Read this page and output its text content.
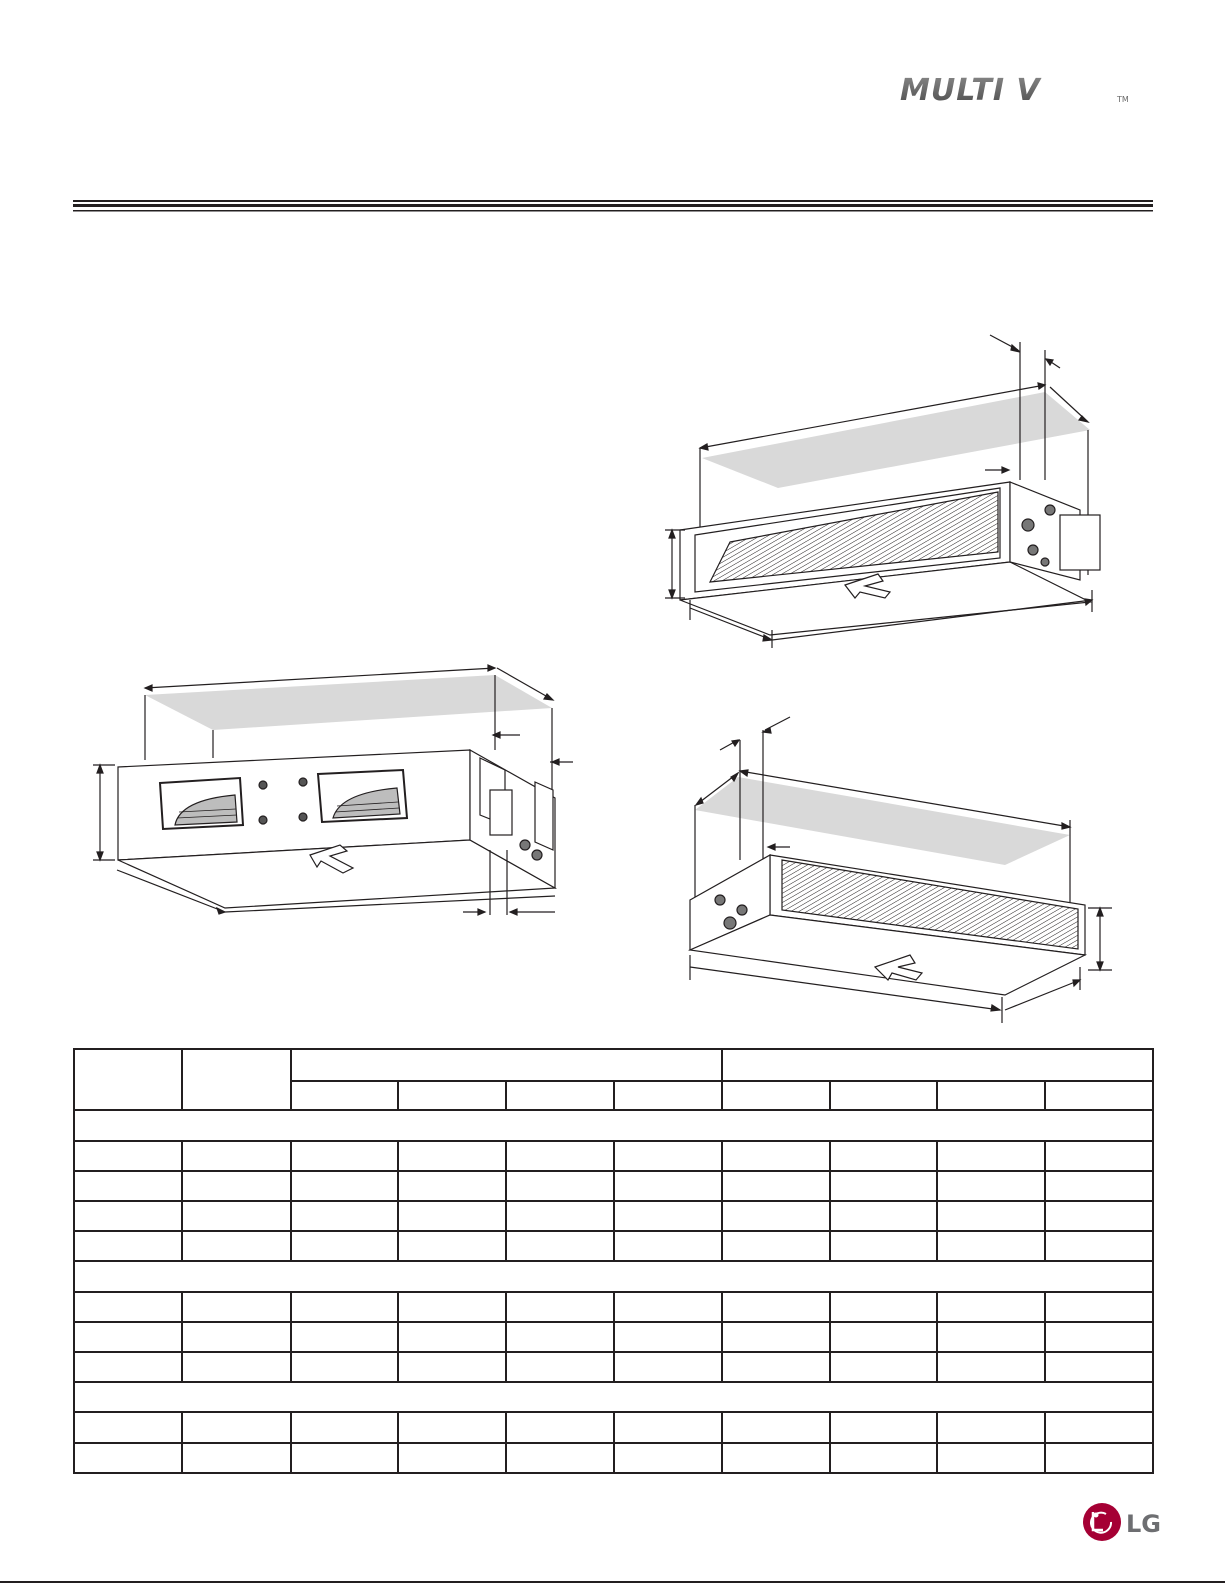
MULTI V	TM

LG
